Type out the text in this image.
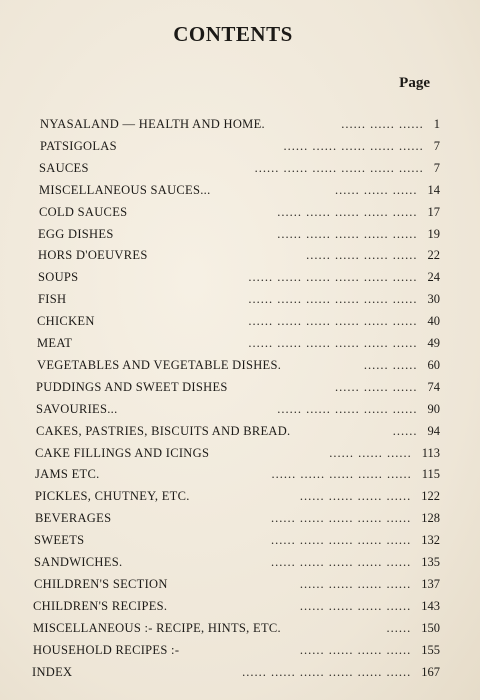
CONTENTS
Page
NYASALAND — HEALTH AND HOME.	...... ...... ...... 1
PATSIGOLAS	...... ...... ...... ...... ...... 7
SAUCES	...... ...... ...... ...... ...... ...... 7
MISCELLANEOUS SAUCES...	...... ...... ...... 14
COLD SAUCES	...... ...... ...... ...... ...... 17
EGG DISHES	...... ...... ...... ...... ...... 19
HORS D'OEUVRES	...... ...... ...... ...... 22
SOUPS	...... ...... ...... ...... ...... ...... 24
FISH	...... ...... ...... ...... ...... ...... 30
CHICKEN	...... ...... ...... ...... ...... ...... 40
MEAT	...... ...... ...... ...... ...... ...... 49
VEGETABLES AND VEGETABLE DISHES.	...... ...... 60
PUDDINGS AND SWEET DISHES	...... ...... ...... 74
SAVOURIES...	...... ...... ...... ...... ...... 90
CAKES, PASTRIES, BISCUITS AND BREAD.	...... 94
CAKE FILLINGS AND ICINGS	...... ...... ...... 113
JAMS ETC.	...... ...... ...... ...... ...... 115
PICKLES, CHUTNEY, ETC.	...... ...... ...... ...... 122
BEVERAGES	...... ...... ...... ...... ...... 128
SWEETS	...... ...... ...... ...... ...... 132
SANDWICHES.	...... ...... ...... ...... ...... 135
CHILDREN'S SECTION	...... ...... ...... ...... 137
CHILDREN'S RECIPES.	...... ...... ...... ...... 143
MISCELLANEOUS :- RECIPE, HINTS, ETC.	...... 150
HOUSEHOLD RECIPES :-	...... ...... ...... ...... 155
INDEX	...... ...... ...... ...... ...... ...... 167
